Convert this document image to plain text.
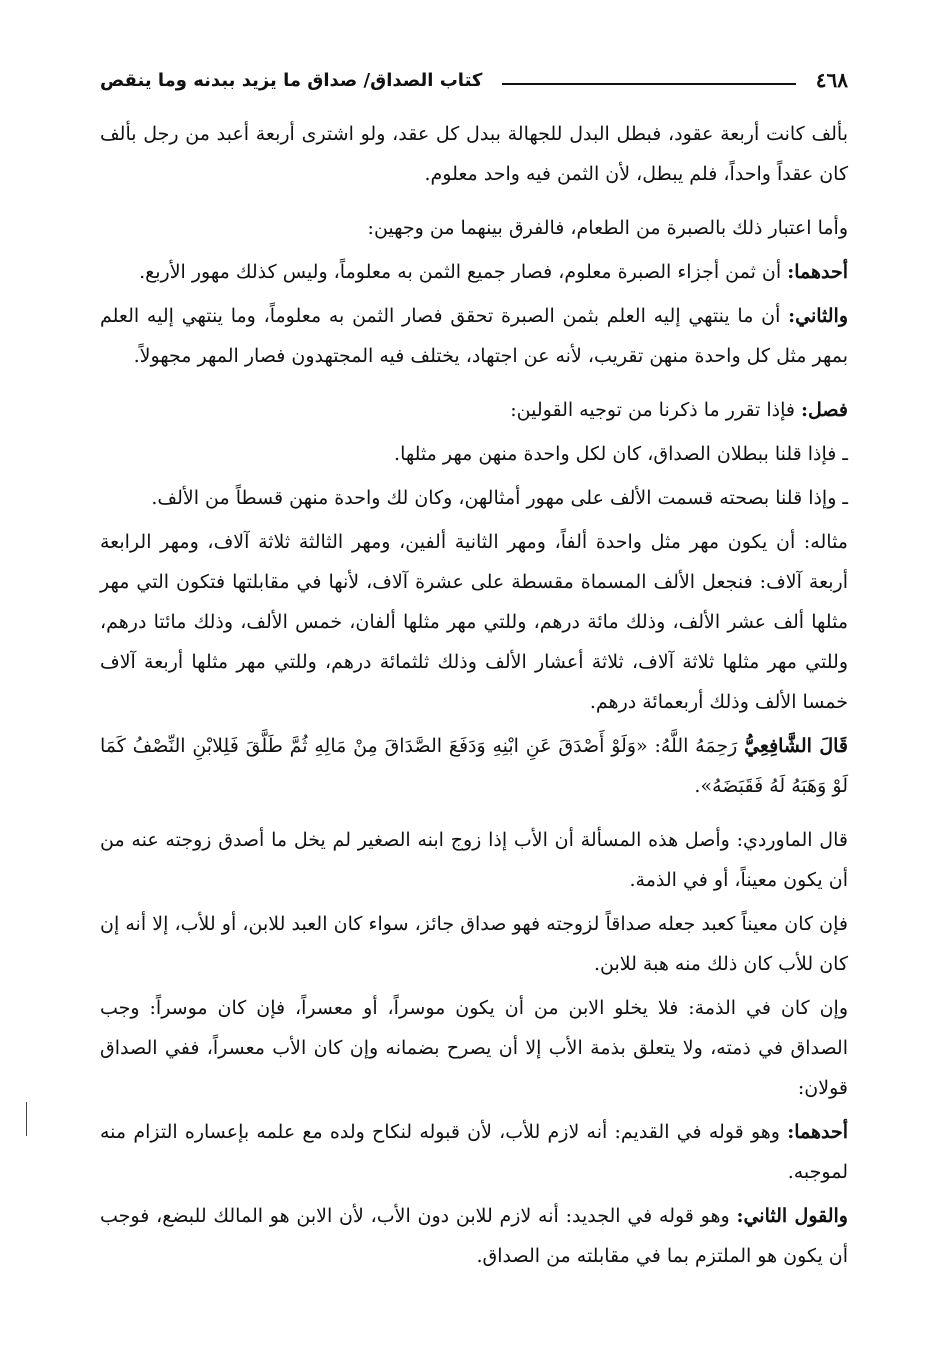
٤٦٨
كتاب الصداق/ صداق ما يزيد ببدنه وما ينقص

بألف كانت أربعة عقود، فبطل البدل للجهالة ببدل كل عقد، ولو اشترى أربعة أعبد من رجل بألف كان عقداً واحداً، فلم يبطل، لأن الثمن فيه واحد معلوم.

وأما اعتبار ذلك بالصبرة من الطعام، فالفرق بينهما من وجهين:

أحدهما: أن ثمن أجزاء الصبرة معلوم، فصار جميع الثمن به معلوماً، وليس كذلك مهور الأربع.

والثاني: أن ما ينتهي إليه العلم بثمن الصبرة تحقق فصار الثمن به معلوماً، وما ينتهي إليه العلم بمهر مثل كل واحدة منهن تقريب، لأنه عن اجتهاد، يختلف فيه المجتهدون فصار المهر مجهولاً.

فصل: فإذا تقرر ما ذكرنا من توجيه القولين:

ـ فإذا قلنا ببطلان الصداق، كان لكل واحدة منهن مهر مثلها.

ـ وإذا قلنا بصحته قسمت الألف على مهور أمثالهن، وكان لك واحدة منهن قسطاً من الألف.

مثاله: أن يكون مهر مثل واحدة ألفاً، ومهر الثانية ألفين، ومهر الثالثة ثلاثة آلاف، ومهر الرابعة أربعة آلاف: فنجعل الألف المسماة مقسطة على عشرة آلاف، لأنها في مقابلتها فتكون التي مهر مثلها ألف عشر الألف، وذلك مائة درهم، وللتي مهر مثلها ألفان، خمس الألف، وذلك مائتا درهم، وللتي مهر مثلها ثلاثة آلاف، ثلاثة أعشار الألف وذلك ثلثمائة درهم، وللتي مهر مثلها أربعة آلاف خمسا الألف وذلك أربعمائة درهم.

قَالَ الشَّافِعِيُّ رَحِمَهُ اللَّهُ: «وَلَوْ أَصْدَقَ عَنِ ابْنِهِ وَدَفَعَ الصَّدَاقَ مِنْ مَالِهِ ثُمَّ طَلَّقَ فَلِلابْنِ النِّصْفُ كَمَا لَوْ وَهَبَهُ لَهُ فَقَبَضَهُ».

قال الماوردي: وأصل هذه المسألة أن الأب إذا زوج ابنه الصغير لم يخل ما أصدق زوجته عنه من أن يكون معيناً، أو في الذمة.

فإن كان معيناً كعبد جعله صداقاً لزوجته فهو صداق جائز، سواء كان العبد للابن، أو للأب، إلا أنه إن كان للأب كان ذلك منه هبة للابن.

وإن كان في الذمة: فلا يخلو الابن من أن يكون موسراً، أو معسراً، فإن كان موسراً: وجب الصداق في ذمته، ولا يتعلق بذمة الأب إلا أن يصرح بضمانه وإن كان الأب معسراً، ففي الصداق قولان:

أحدهما: وهو قوله في القديم: أنه لازم للأب، لأن قبوله لنكاح ولده مع علمه بإعساره التزام منه لموجبه.

والقول الثاني: وهو قوله في الجديد: أنه لازم للابن دون الأب، لأن الابن هو المالك للبضع، فوجب أن يكون هو الملتزم بما في مقابلته من الصداق.
